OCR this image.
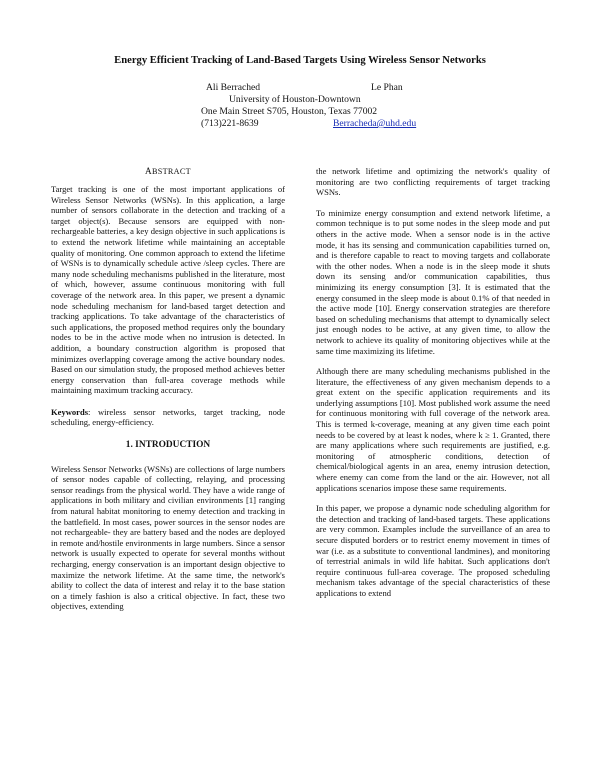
Energy Efficient Tracking of Land-Based Targets Using Wireless Sensor Networks
Ali Berrached	Le Phan
University of Houston-Downtown
One Main Street S705, Houston, Texas 77002
(713)221-8639	Berracheda@uhd.edu
ABSTRACT

Target tracking is one of the most important applications of Wireless Sensor Networks (WSNs). In this application, a large number of sensors collaborate in the detection and tracking of a target object(s). Because sensors are equipped with non-rechargeable batteries, a key design objective in such applications is to extend the network lifetime while maintaining an acceptable quality of monitoring. One common approach to extend the lifetime of WSNs is to dynamically schedule active /sleep cycles. There are many node scheduling mechanisms published in the literature, most of which, however, assume continuous monitoring with full coverage of the network area. In this paper, we present a dynamic node scheduling mechanism for land-based target detection and tracking applications. To take advantage of the characteristics of such applications, the proposed method requires only the boundary nodes to be in the active mode when no intrusion is detected. In addition, a boundary construction algorithm is proposed that minimizes overlapping coverage among the active boundary nodes. Based on our simulation study, the proposed method achieves better energy conservation than full-area coverage methods while maintaining maximum tracking accuracy.

Keywords: wireless sensor networks, target tracking, node scheduling, energy-efficiency.

1. INTRODUCTION

Wireless Sensor Networks (WSNs) are collections of large numbers of sensor nodes capable of collecting, relaying, and processing sensor readings from the physical world. They have a wide range of applications in both military and civilian environments [1] ranging from natural habitat monitoring to enemy detection and tracking in the battlefield. In most cases, power sources in the sensor nodes are not rechargeable- they are battery based and the nodes are deployed in remote and/hostile environments in large numbers. Since a sensor network is usually expected to operate for several months without recharging, energy conservation is an important design objective to maximize the network lifetime. At the same time, the network's ability to collect the data of interest and relay it to the base station on a timely fashion is also a critical objective. In fact, these two objectives, extending

the network lifetime and optimizing the network's quality of monitoring are two conflicting requirements of target tracking WSNs.

To minimize energy consumption and extend network lifetime, a common technique is to put some nodes in the sleep mode and put others in the active mode. When a sensor node is in the active mode, it has its sensing and communication capabilities turned on, and is therefore capable to react to moving targets and collaborate with the other nodes. When a node is in the sleep mode it shuts down its sensing and/or communication capabilities, thus minimizing its energy consumption [3]. It is estimated that the energy consumed in the sleep mode is about 0.1% of that needed in the active mode [10]. Energy conservation strategies are therefore based on scheduling mechanisms that attempt to dynamically select just enough nodes to be active, at any given time, to allow the network to achieve its quality of monitoring objectives while at the same time maximizing its lifetime.

Although there are many scheduling mechanisms published in the literature, the effectiveness of any given mechanism depends to a great extent on the specific application requirements and its underlying assumptions [10]. Most published work assume the need for continuous monitoring with full coverage of the network area. This is termed k-coverage, meaning at any given time each point needs to be covered by at least k nodes, where k ≥ 1. Granted, there are many applications where such requirements are justified, e.g. monitoring of atmospheric conditions, detection of chemical/biological agents in an area, enemy intrusion detection, where enemy can come from the land or the air. However, not all applications scenarios impose these same requirements.

In this paper, we propose a dynamic node scheduling algorithm for the detection and tracking of land-based targets. These applications are very common. Examples include the surveillance of an area to secure disputed borders or to restrict enemy movement in times of war (i.e. as a substitute to conventional landmines), and monitoring of terrestrial animals in wild life habitat. Such applications don't require continuous full-area coverage. The proposed scheduling mechanism takes advantage of the special characteristics of these applications to extend
